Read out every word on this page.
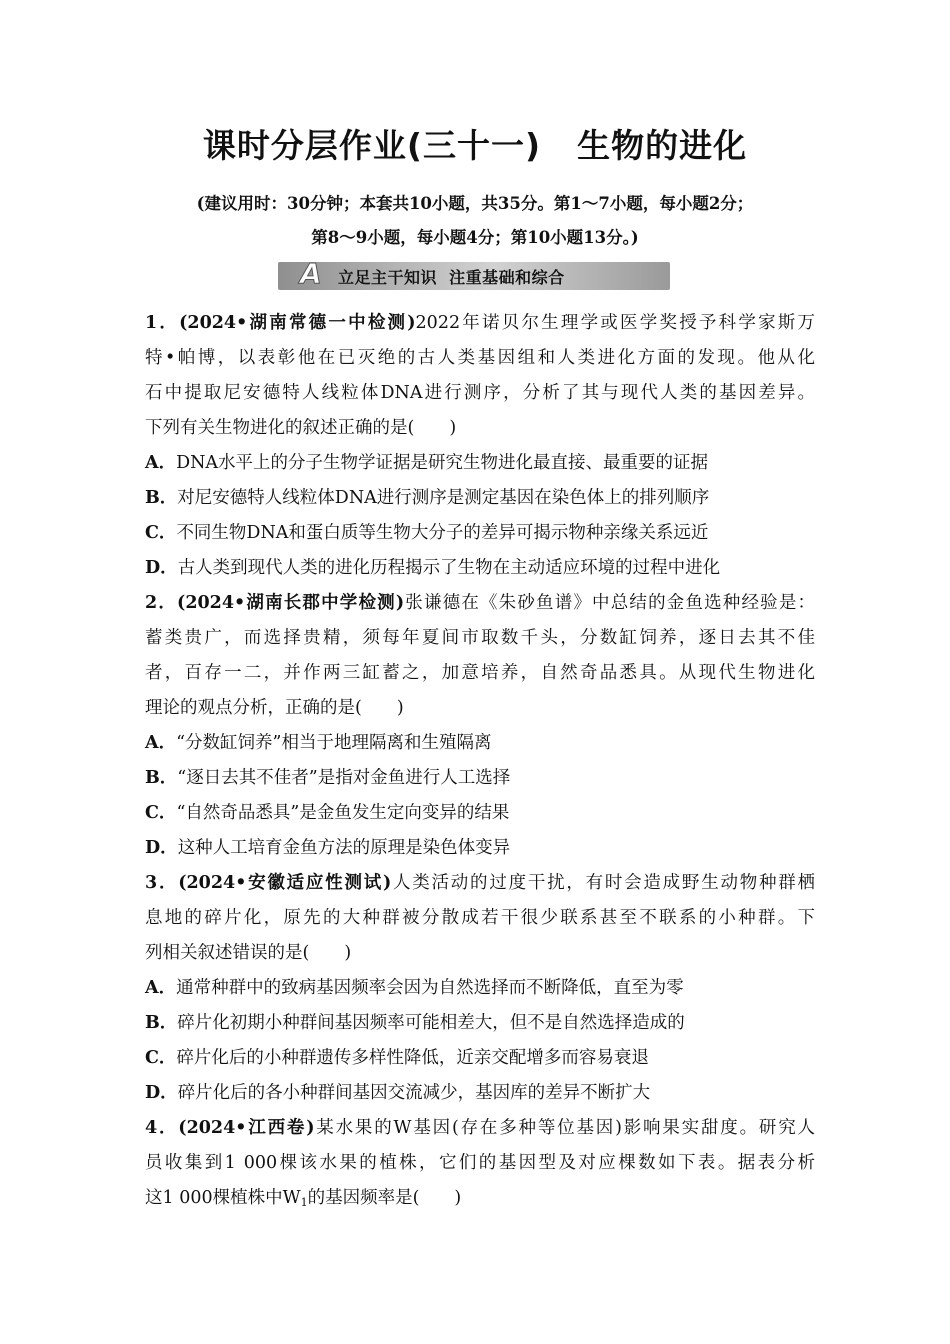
课时分层作业(三十一) 生物的进化
(建议用时：30分钟；本套共10小题，共35分。第1～7小题，每小题2分；
第8～9小题，每小题4分；第10小题13分。)
A 立足主干知识  注重基础和综合
1．(2024•湖南常德一中检测)2022年诺贝尔生理学或医学奖授予科学家斯万
特•帕博，以表彰他在已灭绝的古人类基因组和人类进化方面的发现。他从化
石中提取尼安德特人线粒体DNA进行测序，分析了其与现代人类的基因差异。
下列有关生物进化的叙述正确的是(　　)
A．DNA水平上的分子生物学证据是研究生物进化最直接、最重要的证据
B．对尼安德特人线粒体DNA进行测序是测定基因在染色体上的排列顺序
C．不同生物DNA和蛋白质等生物大分子的差异可揭示物种亲缘关系远近
D．古人类到现代人类的进化历程揭示了生物在主动适应环境的过程中进化
2．(2024•湖南长郡中学检测)张谦德在《朱砂鱼谱》中总结的金鱼选种经验是：
蓄类贵广，而选择贵精，须每年夏间市取数千头，分数缸饲养，逐日去其不佳
者，百存一二，并作两三缸蓄之，加意培养，自然奇品悉具。从现代生物进化
理论的观点分析，正确的是(　　)
A．“分数缸饲养”相当于地理隔离和生殖隔离
B．“逐日去其不佳者”是指对金鱼进行人工选择
C．“自然奇品悉具”是金鱼发生定向变异的结果
D．这种人工培育金鱼方法的原理是染色体变异
3．(2024•安徽适应性测试)人类活动的过度干扰，有时会造成野生动物种群栖
息地的碎片化，原先的大种群被分散成若干很少联系甚至不联系的小种群。下
列相关叙述错误的是(　　)
A．通常种群中的致病基因频率会因为自然选择而不断降低，直至为零
B．碎片化初期小种群间基因频率可能相差大，但不是自然选择造成的
C．碎片化后的小种群遗传多样性降低，近亲交配增多而容易衰退
D．碎片化后的各小种群间基因交流减少，基因库的差异不断扩大
4．(2024•江西卷)某水果的W基因(存在多种等位基因)影响果实甜度。研究人
员收集到1 000棵该水果的植株，它们的基因型及对应棵数如下表。据表分析
这1 000棵植株中$W_1$的基因频率是(　　)
